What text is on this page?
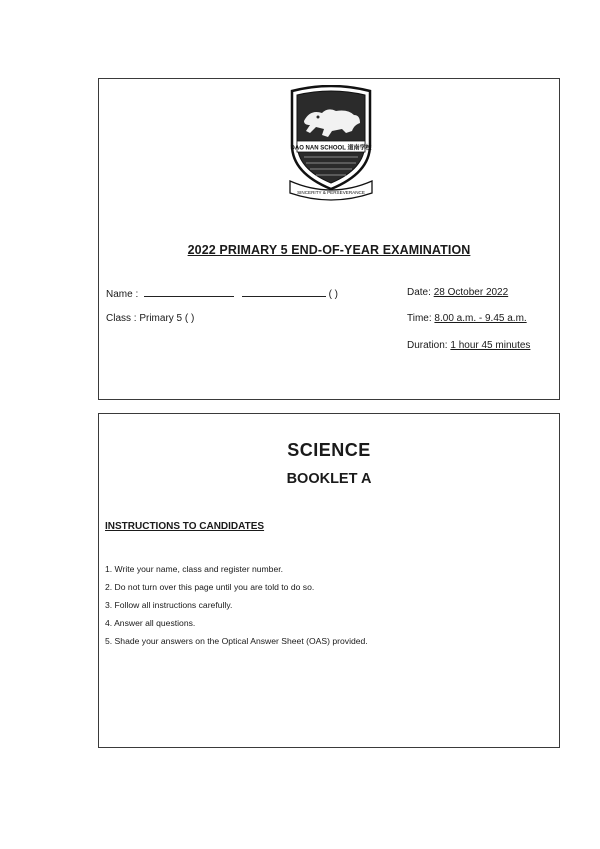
DAO NAN SCHOOL 道南学校
SINCERITY & PERSEVERANCE
2022 PRIMARY 5 END-OF-YEAR EXAMINATION
Name :	( )
Class : Primary 5 ( )
Date: 28 October 2022
Time: 8.00 a.m. - 9.45 a.m.
Duration: 1 hour 45 minutes
SCIENCE
BOOKLET A
INSTRUCTIONS TO CANDIDATES
1. Write your name, class and register number.
2. Do not turn over this page until you are told to do so.
3. Follow all instructions carefully.
4. Answer all questions.
5. Shade your answers on the Optical Answer Sheet (OAS) provided.
